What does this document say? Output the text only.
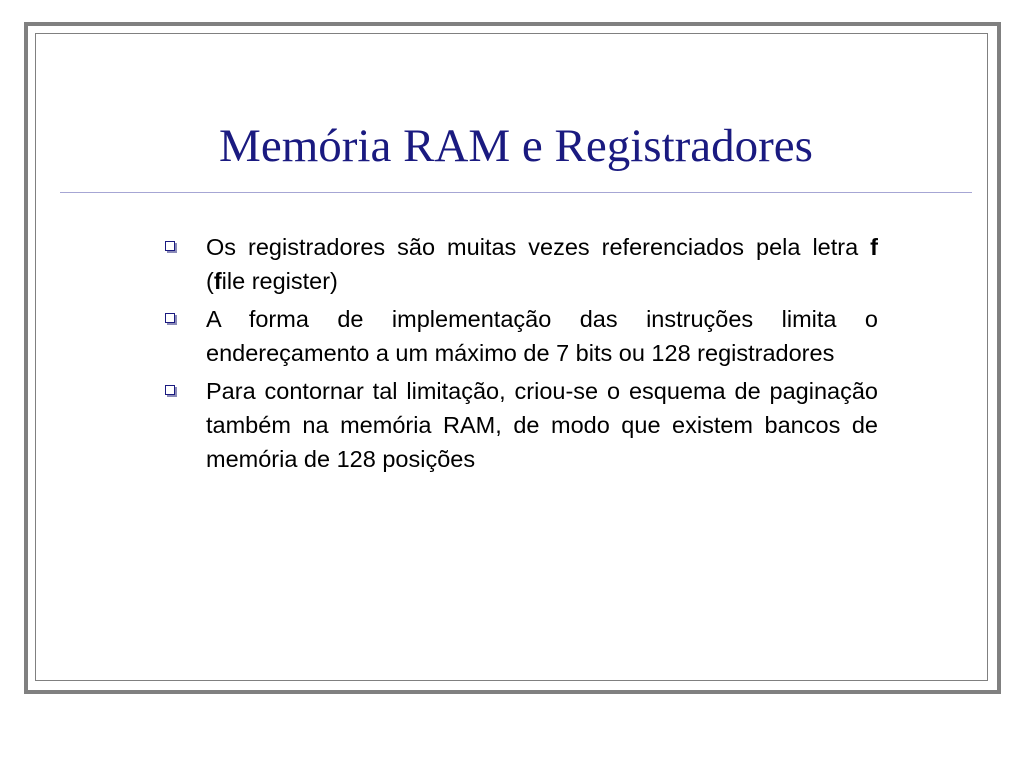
Memória RAM e Registradores
Os registradores são muitas vezes referenciados pela letra f (file register)
A forma de implementação das instruções limita o endereçamento a um máximo de 7 bits ou 128 registradores
Para contornar tal limitação, criou-se o esquema de paginação também na memória RAM, de modo que existem bancos de memória de 128 posições
